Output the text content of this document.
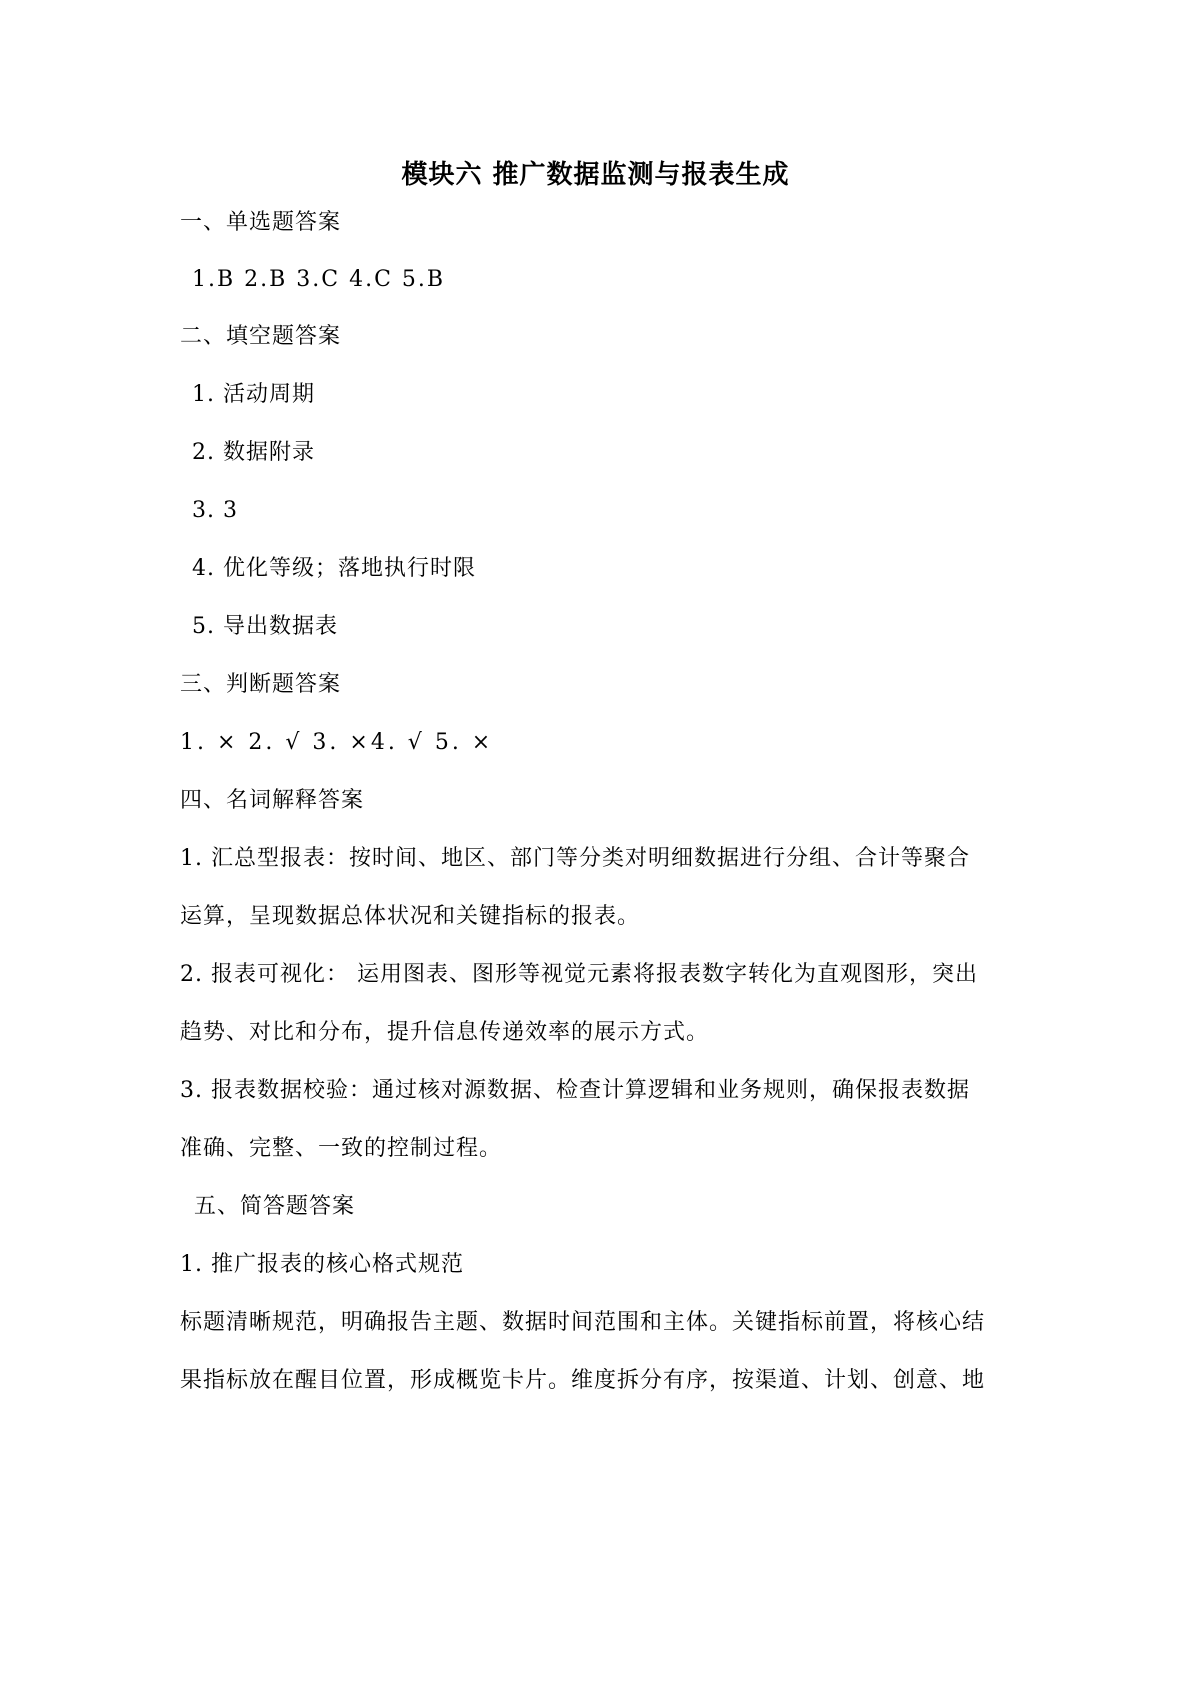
模块六 推广数据监测与报表生成
一、单选题答案
1.B 2.B 3.C 4.C 5.B
二、填空题答案
1. 活动周期
2. 数据附录
3. 3
4. 优化等级；落地执行时限
5. 导出数据表
三、判断题答案
1. × 2. √ 3. ×4. √ 5. ×
四、名词解释答案
1. 汇总型报表：按时间、地区、部门等分类对明细数据进行分组、合计等聚合
运算，呈现数据总体状况和关键指标的报表。
2. 报表可视化： 运用图表、图形等视觉元素将报表数字转化为直观图形，突出
趋势、对比和分布，提升信息传递效率的展示方式。
3. 报表数据校验：通过核对源数据、检查计算逻辑和业务规则，确保报表数据
准确、完整、一致的控制过程。
五、简答题答案
1. 推广报表的核心格式规范
标题清晰规范，明确报告主题、数据时间范围和主体。关键指标前置，将核心结
果指标放在醒目位置，形成概览卡片。维度拆分有序，按渠道、计划、创意、地
